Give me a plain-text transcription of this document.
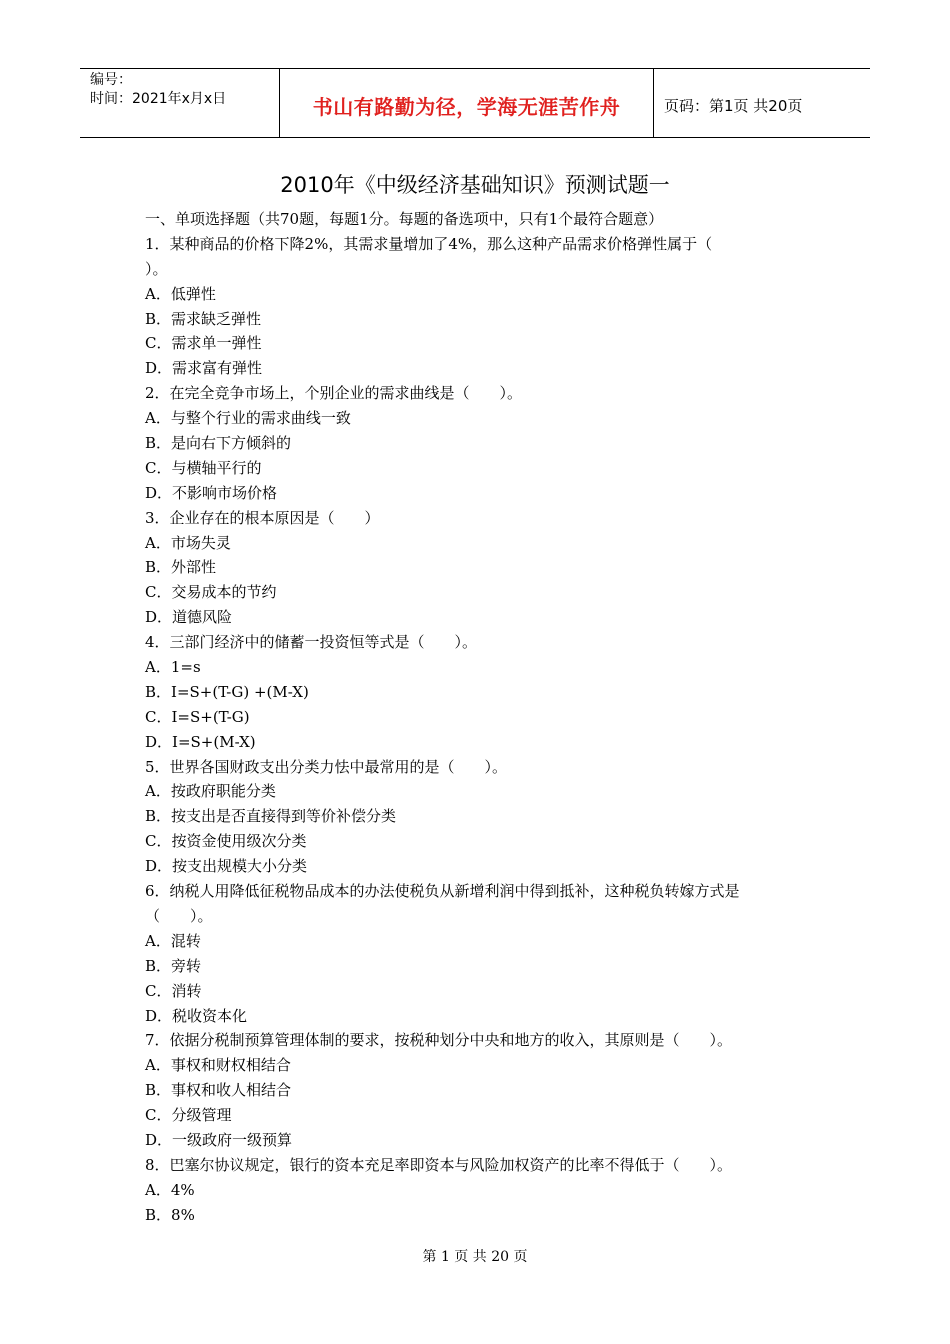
编号：
时间：2021年x月x日	书山有路勤为径，学海无涯苦作舟	页码：第1页 共20页
2010年《中级经济基础知识》预测试题一
一、单项选择题（共70题，每题1分。每题的备选项中，只有1个最符合题意）
1．某种商品的价格下降2%，其需求量增加了4%，那么这种产品需求价格弹性属于（
）。
A．低弹性
B．需求缺乏弹性
C．需求单一弹性
D．需求富有弹性
2．在完全竞争市场上，个别企业的需求曲线是（　　）。
A．与整个行业的需求曲线一致
B．是向右下方倾斜的
C．与横轴平行的
D．不影响市场价格
3．企业存在的根本原因是（　　）
A．市场失灵
B．外部性
C．交易成本的节约
D．道德风险
4．三部门经济中的储蓄一投资恒等式是（　　）。
A．1=s
B．I=S+(T-G) +(M-X)
C．I=S+(T-G)
D．I=S+(M-X)
5．世界各国财政支出分类力怯中最常用的是（　　）。
A．按政府职能分类
B．按支出是否直接得到等价补偿分类
C．按资金使用级次分类
D．按支出规模大小分类
6．纳税人用降低征税物品成本的办法使税负从新增利润中得到抵补，这种税负转嫁方式是
（　　）。
A．混转
B．旁转
C．消转
D．税收资本化
7．依据分税制预算管理体制的要求，按税种划分中央和地方的收入，其原则是（　　）。
A．事权和财权相结合
B．事权和收人相结合
C．分级管理
D．一级政府一级预算
8．巴塞尔协议规定，银行的资本充足率即资本与风险加权资产的比率不得低于（　　）。
A．4%
B．8%
第 1 页 共 20 页
